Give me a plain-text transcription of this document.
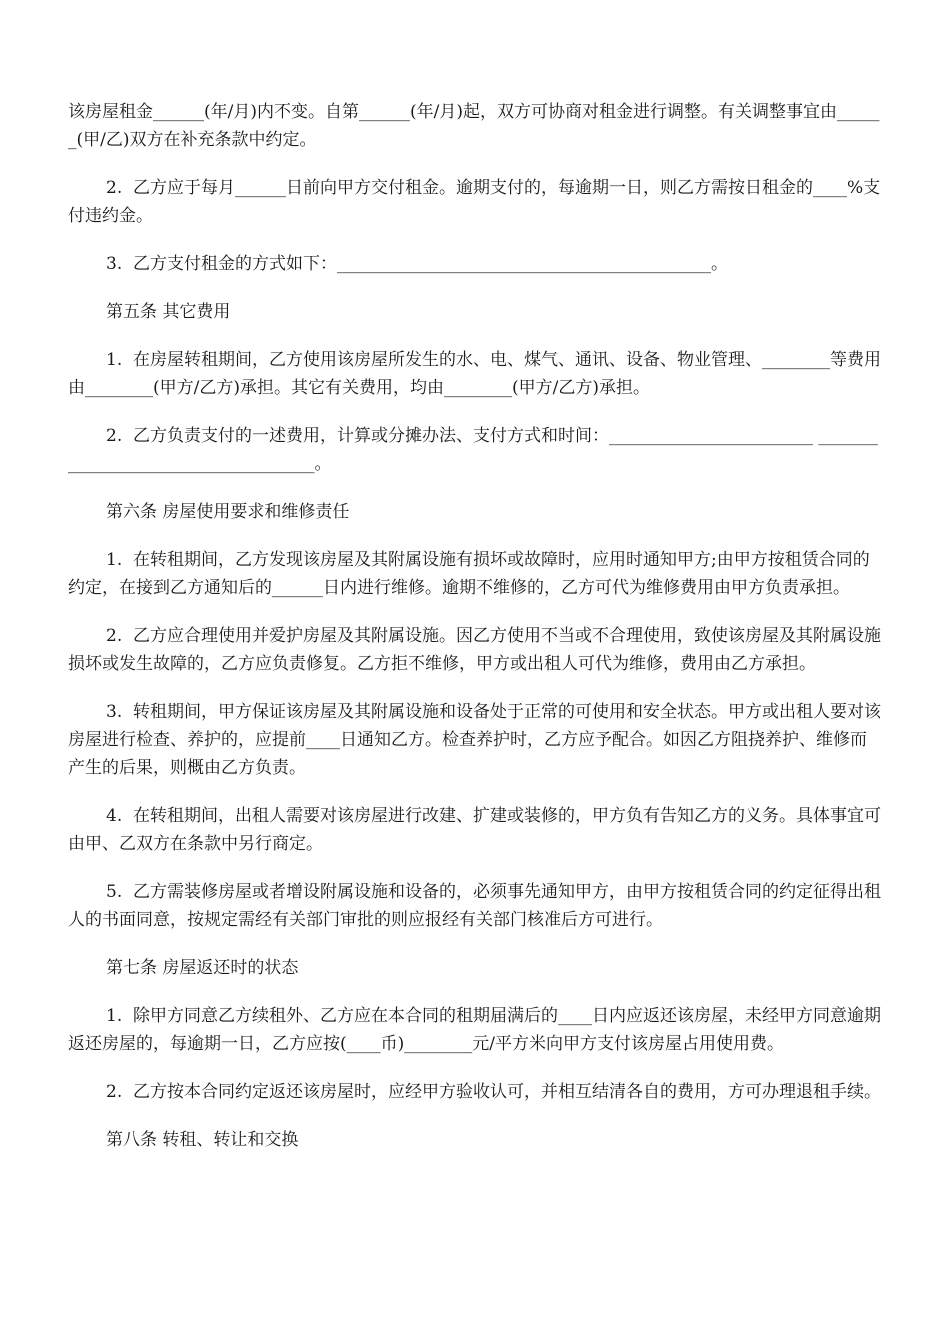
该房屋租金______(年/月)内不变。自第______(年/月)起，双方可协商对租金进行调整。有关调整事宜由______(甲/乙)双方在补充条款中约定。

2.  乙方应于每月______日前向甲方交付租金。逾期支付的，每逾期一日，则乙方需按日租金的____%支付违约金。

3.  乙方支付租金的方式如下：____________________________________________。

第五条 其它费用

1.  在房屋转租期间，乙方使用该房屋所发生的水、电、煤气、通讯、设备、物业管理、________等费用由________(甲方/乙方)承担。其它有关费用，均由________(甲方/乙方)承担。

2.  乙方负责支付的一述费用，计算或分摊办法、支付方式和时间：________________________ ____________________________________。

第六条 房屋使用要求和维修责任

1.  在转租期间，乙方发现该房屋及其附属设施有损坏或故障时，应用时通知甲方;由甲方按租赁合同的约定，在接到乙方通知后的______日内进行维修。逾期不维修的，乙方可代为维修费用由甲方负责承担。

2.  乙方应合理使用并爱护房屋及其附属设施。因乙方使用不当或不合理使用，致使该房屋及其附属设施损坏或发生故障的，乙方应负责修复。乙方拒不维修，甲方或出租人可代为维修，费用由乙方承担。

3.  转租期间，甲方保证该房屋及其附属设施和设备处于正常的可使用和安全状态。甲方或出租人要对该房屋进行检查、养护的，应提前____日通知乙方。检查养护时，乙方应予配合。如因乙方阻挠养护、维修而产生的后果，则概由乙方负责。

4.  在转租期间，出租人需要对该房屋进行改建、扩建或装修的，甲方负有告知乙方的义务。具体事宜可由甲、乙双方在条款中另行商定。

5.  乙方需装修房屋或者增设附属设施和设备的，必须事先通知甲方，由甲方按租赁合同的约定征得出租人的书面同意，按规定需经有关部门审批的则应报经有关部门核准后方可进行。

第七条 房屋返还时的状态

1.  除甲方同意乙方续租外、乙方应在本合同的租期届满后的____日内应返还该房屋，未经甲方同意逾期返还房屋的，每逾期一日，乙方应按(____币)________元/平方米向甲方支付该房屋占用使用费。

2.  乙方按本合同约定返还该房屋时，应经甲方验收认可，并相互结清各自的费用，方可办理退租手续。

第八条 转租、转让和交换
